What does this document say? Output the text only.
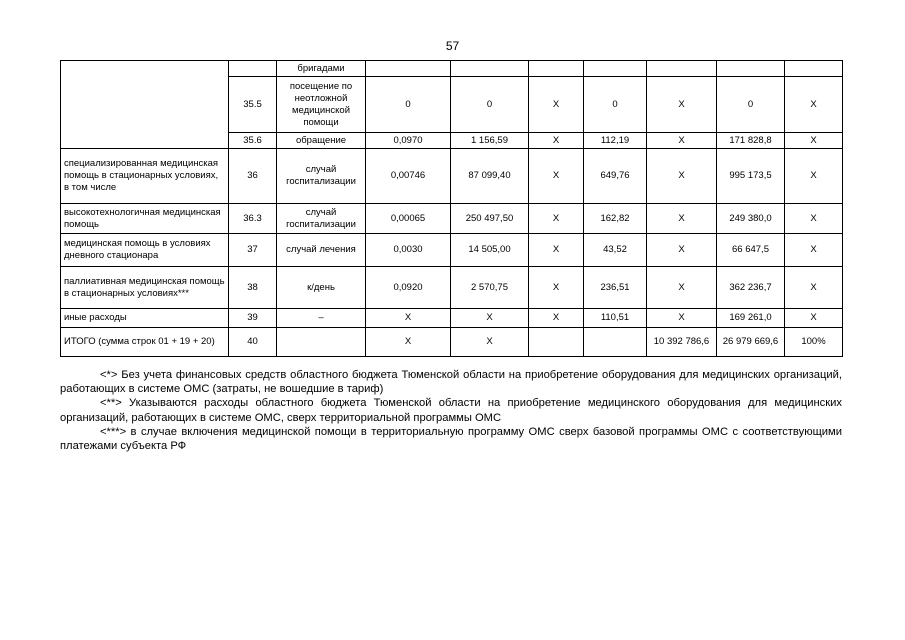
57
		бригадами							
	35.5	посещение по неотложной медицинской помощи	0	0	X	0	X	0	X
	35.6	обращение	0,0970	1 156,59	X	112,19	X	171 828,8	X
специализированная медицинская помощь в стационарных условиях, в том числе	36	случай госпитализации	0,00746	87 099,40	X	649,76	X	995 173,5	X
высокотехнологичная медицинская помощь	36.3	случай госпитализации	0,00065	250 497,50	X	162,82	X	249 380,0	X
медицинская помощь в условиях дневного стационара	37	случай лечения	0,0030	14 505,00	X	43,52	X	66 647,5	X
паллиативная медицинская помощь в стационарных условиях***	38	к/день	0,0920	2 570,75	X	236,51	X	362 236,7	X
иные расходы	39	–	X	X	X	110,51	X	169 261,0	X
ИТОГО (сумма строк 01 + 19 + 20)	40		X	X			10 392 786,6	26 979 669,6	100%

<*> Без учета финансовых средств областного бюджета Тюменской области на приобретение оборудования для медицинских организаций, работающих в системе ОМС (затраты, не вошедшие в тариф)

<**> Указываются расходы областного бюджета Тюменской области на приобретение медицинского оборудования для медицинских организаций, работающих в системе ОМС, сверх территориальной программы ОМС

<***> в случае включения медицинской помощи в территориальную программу ОМС сверх базовой программы ОМС с соответствующими платежами субъекта РФ
